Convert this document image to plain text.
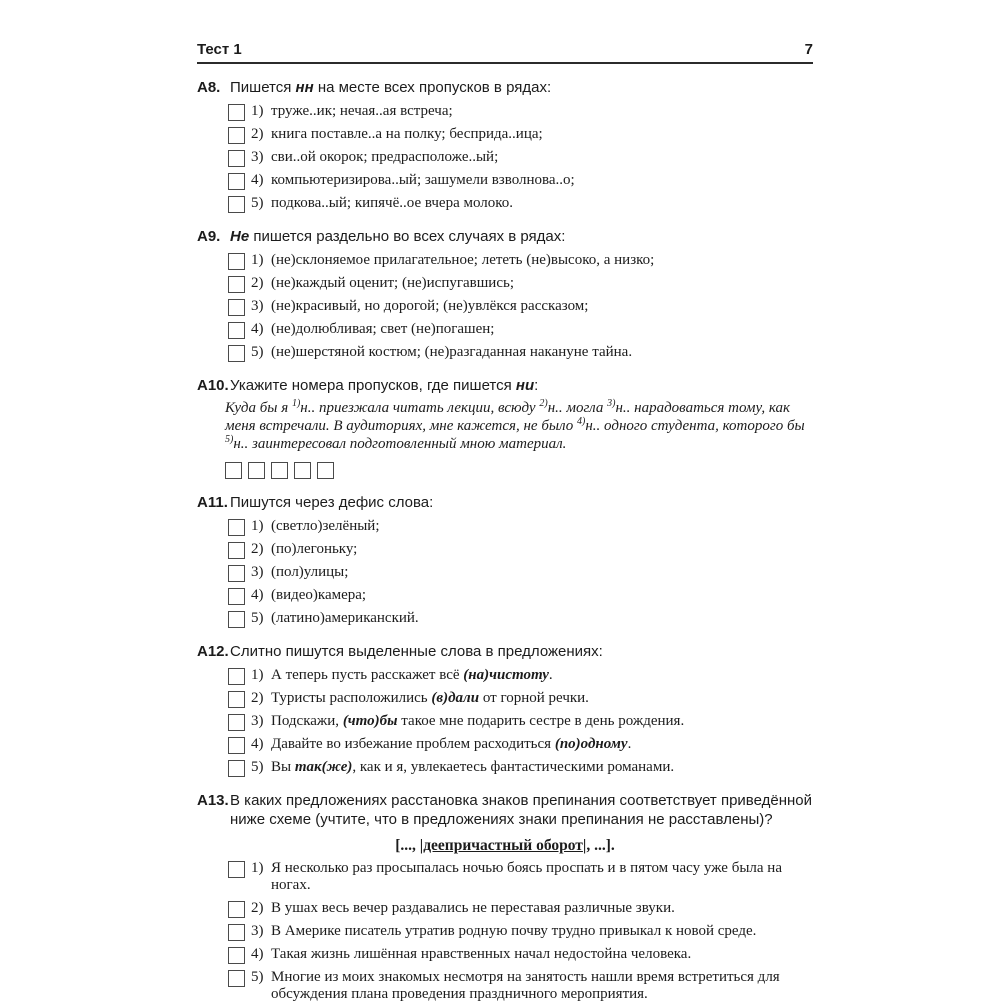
Тест 1	7
А8. Пишется нн на месте всех пропусков в рядах:
1) труже..ик; нечая..ая встреча;
2) книга поставле..а на полку; бесприда..ица;
3) сви..ой окорок; предрасположе..ый;
4) компьютеризирова..ый; зашумели взволнова..о;
5) подкова..ый; кипячё..ое вчера молоко.
А9. Не пишется раздельно во всех случаях в рядах:
1) (не)склоняемое прилагательное; лететь (не)высоко, а низко;
2) (не)каждый оценит; (не)испугавшись;
3) (не)красивый, но дорогой; (не)увлёкся рассказом;
4) (не)долюбливая; свет (не)погашен;
5) (не)шерстяной костюм; (не)разгаданная накануне тайна.
А10. Укажите номера пропусков, где пишется ни:
Куда бы я $^{1)}$н.. приезжала читать лекции, всюду $^{2)}$н.. могла $^{3)}$н.. нарадоваться тому, как меня встречали. В аудиториях, мне кажется, не было $^{4)}$н.. одного студента, которого бы $^{5)}$н.. заинтересовал подготовленный мною материал.
А11. Пишутся через дефис слова:
1) (светло)зелёный;
2) (по)легоньку;
3) (пол)улицы;
4) (видео)камера;
5) (латино)американский.
А12. Слитно пишутся выделенные слова в предложениях:
1) А теперь пусть расскажет всё (на)чистоту.
2) Туристы расположились (в)дали от горной речки.
3) Подскажи, (что)бы такое мне подарить сестре в день рождения.
4) Давайте во избежание проблем расходиться (по)одному.
5) Вы так(же), как и я, увлекаетесь фантастическими романами.
А13. В каких предложениях расстановка знаков препинания соответствует приведённой ниже схеме (учтите, что в предложениях знаки препинания не расставлены)?
[..., |деепричастный оборот|, ...].
1) Я несколько раз просыпалась ночью боясь проспать и в пятом часу уже была на ногах.
2) В ушах весь вечер раздавались не переставая различные звуки.
3) В Америке писатель утратив родную почву трудно привыкал к новой среде.
4) Такая жизнь лишённая нравственных начал недостойна человека.
5) Многие из моих знакомых несмотря на занятость нашли время встретиться для обсуждения плана проведения праздничного мероприятия.
